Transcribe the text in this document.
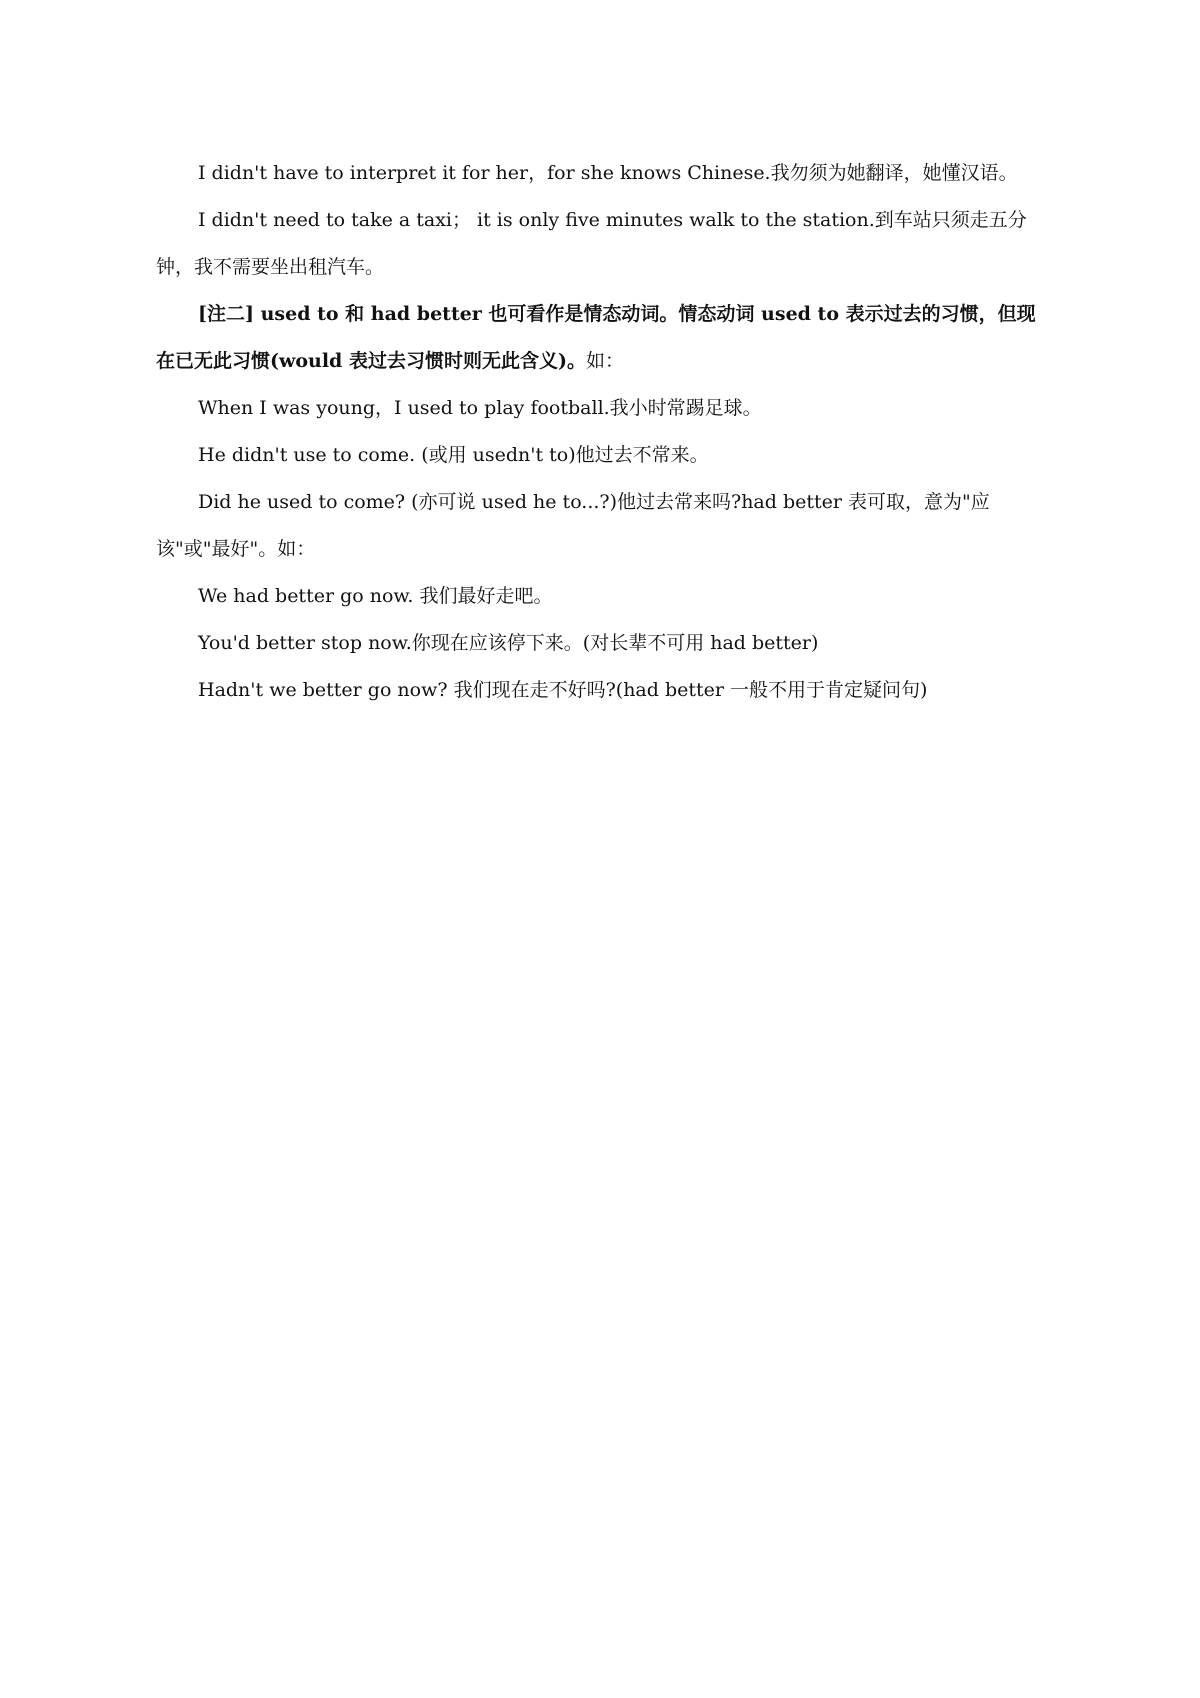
I didn't have to interpret it for her，for she knows Chinese.我勿须为她翻译，她懂汉语。

I didn't need to take a taxi； it is only five minutes walk to the station.到车站只须走五分钟，我不需要坐出租汽车。

[注二] used to 和 had better 也可看作是情态动词。情态动词 used to 表示过去的习惯，但现在已无此习惯(would 表过去习惯时则无此含义)。如：

When I was young，I used to play football.我小时常踢足球。

He didn't use to come. (或用 usedn't to)他过去不常来。

Did he used to come? (亦可说 used he to...?)他过去常来吗?had better 表可取，意为"应该"或"最好"。如：

We had better go now. 我们最好走吧。

You'd better stop now.你现在应该停下来。(对长辈不可用 had better)

Hadn't we better go now? 我们现在走不好吗?(had better 一般不用于肯定疑问句)
